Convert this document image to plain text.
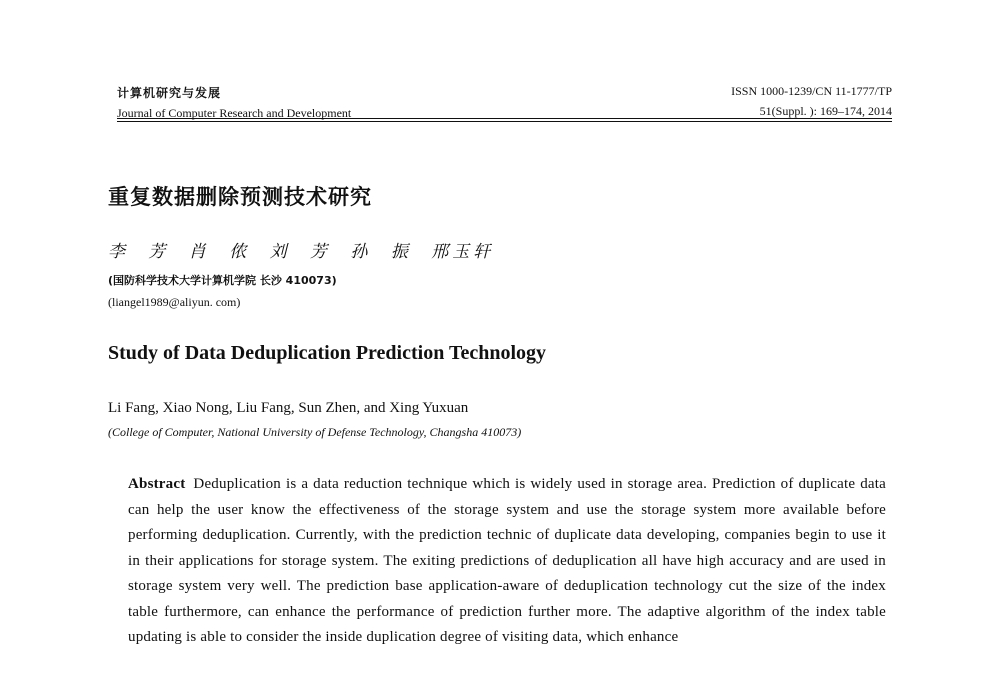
计算机研究与发展
Journal of Computer Research and Development
ISSN 1000-1239/CN 11-1777/TP
51(Suppl. ): 169–174, 2014
重复数据删除预测技术研究
李 芳 肖 侬 刘 芳 孙 振 邢玉轩
(国防科学技术大学计算机学院 长沙 410073)
(liangel1989@aliyun. com)
Study of Data Deduplication Prediction Technology
Li Fang, Xiao Nong, Liu Fang, Sun Zhen, and Xing Yuxuan
(College of Computer, National University of Defense Technology, Changsha 410073)
Abstract Deduplication is a data reduction technique which is widely used in storage area. Prediction of duplicate data can help the user know the effectiveness of the storage system and use the storage system more available before performing deduplication. Currently, with the prediction technic of duplicate data developing, companies begin to use it in their applications for storage system. The exiting predictions of deduplication all have high accuracy and are used in storage system very well. The prediction base application-aware of deduplication technology cut the size of the index table furthermore, can enhance the performance of prediction further more. The adaptive algorithm of the index table updating is able to consider the inside duplication degree of visiting data, which enhance
